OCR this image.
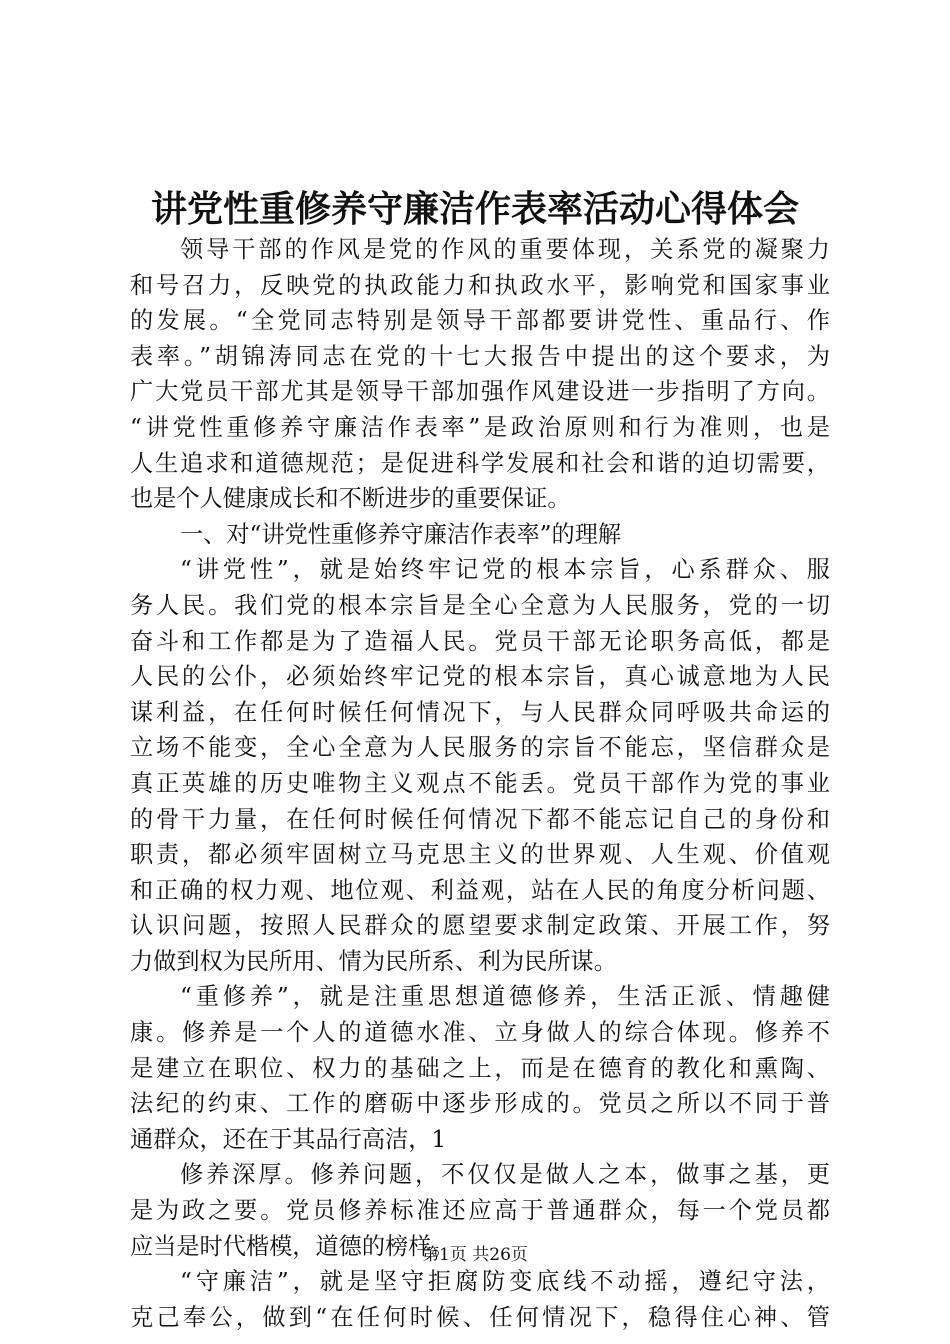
讲党性重修养守廉洁作表率活动心得体会
领导干部的作风是党的作风的重要体现，关系党的凝聚力
和号召力，反映党的执政能力和执政水平，影响党和国家事业
的发展。“全党同志特别是领导干部都要讲党性、重品行、作
表率。”胡锦涛同志在党的十七大报告中提出的这个要求，为
广大党员干部尤其是领导干部加强作风建设进一步指明了方向。
“讲党性重修养守廉洁作表率”是政治原则和行为准则，也是
人生追求和道德规范；是促进科学发展和社会和谐的迫切需要，
也是个人健康成长和不断进步的重要保证。
一、对“讲党性重修养守廉洁作表率”的理解
“讲党性”，就是始终牢记党的根本宗旨，心系群众、服
务人民。我们党的根本宗旨是全心全意为人民服务，党的一切
奋斗和工作都是为了造福人民。党员干部无论职务高低，都是
人民的公仆，必须始终牢记党的根本宗旨，真心诚意地为人民
谋利益，在任何时候任何情况下，与人民群众同呼吸共命运的
立场不能变，全心全意为人民服务的宗旨不能忘，坚信群众是
真正英雄的历史唯物主义观点不能丢。党员干部作为党的事业
的骨干力量，在任何时候任何情况下都不能忘记自己的身份和
职责，都必须牢固树立马克思主义的世界观、人生观、价值观
和正确的权力观、地位观、利益观，站在人民的角度分析问题、
认识问题，按照人民群众的愿望要求制定政策、开展工作，努
力做到权为民所用、情为民所系、利为民所谋。
“重修养”，就是注重思想道德修养，生活正派、情趣健
康。修养是一个人的道德水准、立身做人的综合体现。修养不
是建立在职位、权力的基础之上，而是在德育的教化和熏陶、
法纪的约束、工作的磨砺中逐步形成的。党员之所以不同于普
通群众，还在于其品行高洁，1
修养深厚。修养问题，不仅仅是做人之本，做事之基，更
是为政之要。党员修养标准还应高于普通群众，每一个党员都
应当是时代楷模，道德的榜样。
“守廉洁”，就是坚守拒腐防变底线不动摇，遵纪守法，
克己奉公，做到“在任何时候、任何情况下，稳得住心神、管
第1页 共26页
